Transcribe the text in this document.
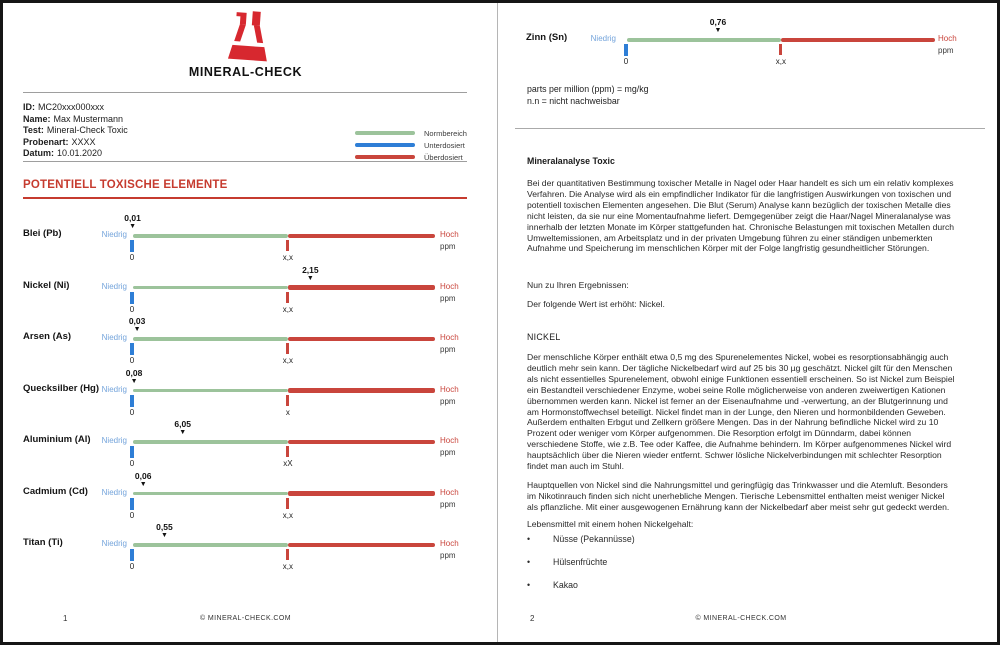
MINERAL-CHECK
ID: MC20xxx000xxx
Name: Max Mustermann
Test: Mineral-Check Toxic
Probenart: XXXX
Datum: 10.01.2020
Normbereich
Unterdosiert
Überdosiert
POTENTIELL TOXISCHE ELEMENTE
Blei (Pb)	Niedrig
0	x,x
0,01
▼
Hoch
ppm
Nickel (Ni)	Niedrig
0	x,x
2,15
▼
Hoch
ppm
Arsen (As)	Niedrig
0	x,x
0,03
▼
Hoch
ppm
Quecksilber (Hg) Niedrig
0	x
0,08
▼
Hoch
ppm
Aluminium (Al)	Niedrig
0	xX
6,05
▼
Hoch
ppm
Cadmium (Cd)	Niedrig
0	x,x
0,06
▼
Hoch
ppm
Titan (Ti)	Niedrig
0	x,x
0,55
▼
Hoch
ppm
1	© MINERAL-CHECK.COM
Zinn (Sn)	Niedrig
0	x,x
0,76
▼
Hoch
ppm
parts per million (ppm) = mg/kg
n.n = nicht nachweisbar
Mineralanalyse Toxic
Bei der quantitativen Bestimmung toxischer Metalle in Nagel oder Haar handelt es sich um ein relativ komplexes Verfahren. Die Analyse wird als ein empfindlicher Indikator für die langfristigen Auswirkungen von toxischen und potentiell toxischen Elementen angesehen. Die Blut (Serum) Analyse kann bezüglich der toxischen Metalle dies nicht leisten, da sie nur eine Momentaufnahme liefert. Demgegenüber zeigt die Haar/Nagel Mineralanalyse was innerhalb der letzten Monate im Körper stattgefunden hat. Chronische Belastungen mit toxischen Metallen durch Umweltemissionen, am Arbeitsplatz und in der privaten Umgebung führen zu einer ständigen unbemerkten Aufnahme und Speicherung im menschlichen Körper mit der Folge langfristig gesundheitlicher Störungen.
Nun zu Ihren Ergebnissen:
Der folgende Wert ist erhöht: Nickel.
NICKEL
Der menschliche Körper enthält etwa 0,5 mg des Spurenelementes Nickel, wobei es resorptionsabhängig auch deutlich mehr sein kann. Der tägliche Nickelbedarf wird auf 25 bis 30 µg geschätzt. Nickel gilt für den Menschen als nicht essentielles Spurenelement, obwohl einige Funktionen essentiell erscheinen. So ist Nickel zum Beispiel ein Bestandteil verschiedener Enzyme, wobei seine Rolle möglicherweise von anderen zweiwertigen Kationen übernommen werden kann. Nickel ist ferner an der Eisenaufnahme und -verwertung, an der Blutgerinnung und am Hormonstoffwechsel beteiligt. Nickel findet man in der Lunge, den Nieren und hormonbildenden Geweben. Außerdem enthalten Erbgut und Zellkern größere Mengen. Das in der Nahrung befindliche Nickel wird zu 10 Prozent oder weniger vom Körper aufgenommen. Die Resorption erfolgt im Dünndarm, dabei können verschiedene Stoffe, wie z.B. Tee oder Kaffee, die Aufnahme behindern. Im Körper aufgenommenes Nickel wird hauptsächlich über die Nieren wieder entfernt. Schwer lösliche Nickelverbindungen mit schlechter Resorption findet man auch im Stuhl.
Hauptquellen von Nickel sind die Nahrungsmittel und geringfügig das Trinkwasser und die Atemluft. Besonders im Nikotinrauch finden sich nicht unerhebliche Mengen. Tierische Lebensmittel enthalten meist weniger Nickel als pflanzliche. Mit einer ausgewogenen Ernährung kann der Nickelbedarf aber meist sehr gut gedeckt werden.
Lebensmittel mit einem hohen Nickelgehalt:
•	Nüsse (Pekannüsse)
•	Hülsenfrüchte
•	Kakao
2	© MINERAL-CHECK.COM
